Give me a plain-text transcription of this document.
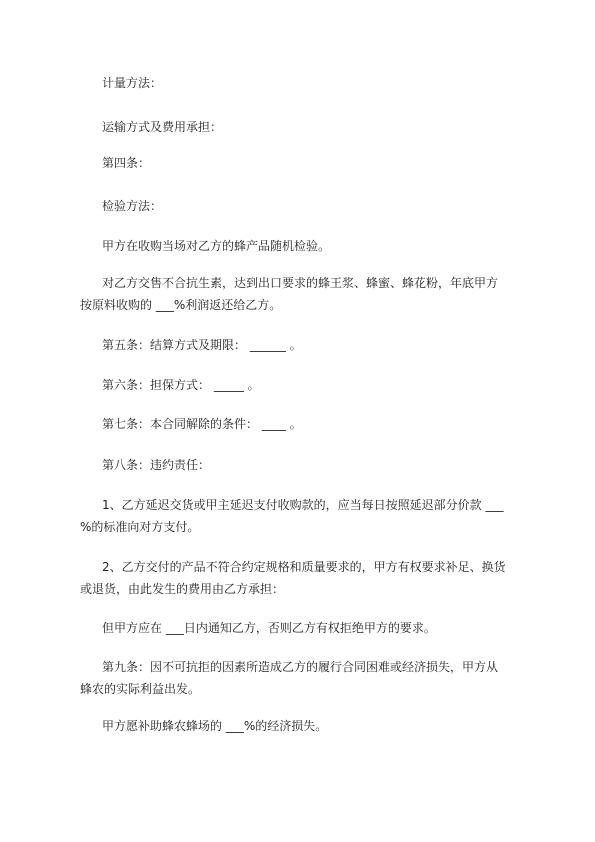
计量方法：
运输方式及费用承担：
第四条：
检验方法：
甲方在收购当场对乙方的蜂产品随机检验。
对乙方交售不合抗生素，达到出口要求的蜂王浆、蜂蜜、蜂花粉，年底甲方按原料收购的 ___%利润返还给乙方。
第五条：结算方式及期限： ______ 。
第六条：担保方式： _____ 。
第七条：本合同解除的条件： ____ 。
第八条：违约责任：
1、乙方延迟交货或甲主延迟支付收购款的，应当每日按照延迟部分价款 ___ %的标准向对方支付。
2、乙方交付的产品不符合约定规格和质量要求的，甲方有权要求补足、换货或退货，由此发生的费用由乙方承担：
但甲方应在 ___日内通知乙方，否则乙方有权拒绝甲方的要求。
第九条：因不可抗拒的因素所造成乙方的履行合同困难或经济损失，甲方从蜂农的实际利益出发。
甲方愿补助蜂农蜂场的 ___%的经济损失。
